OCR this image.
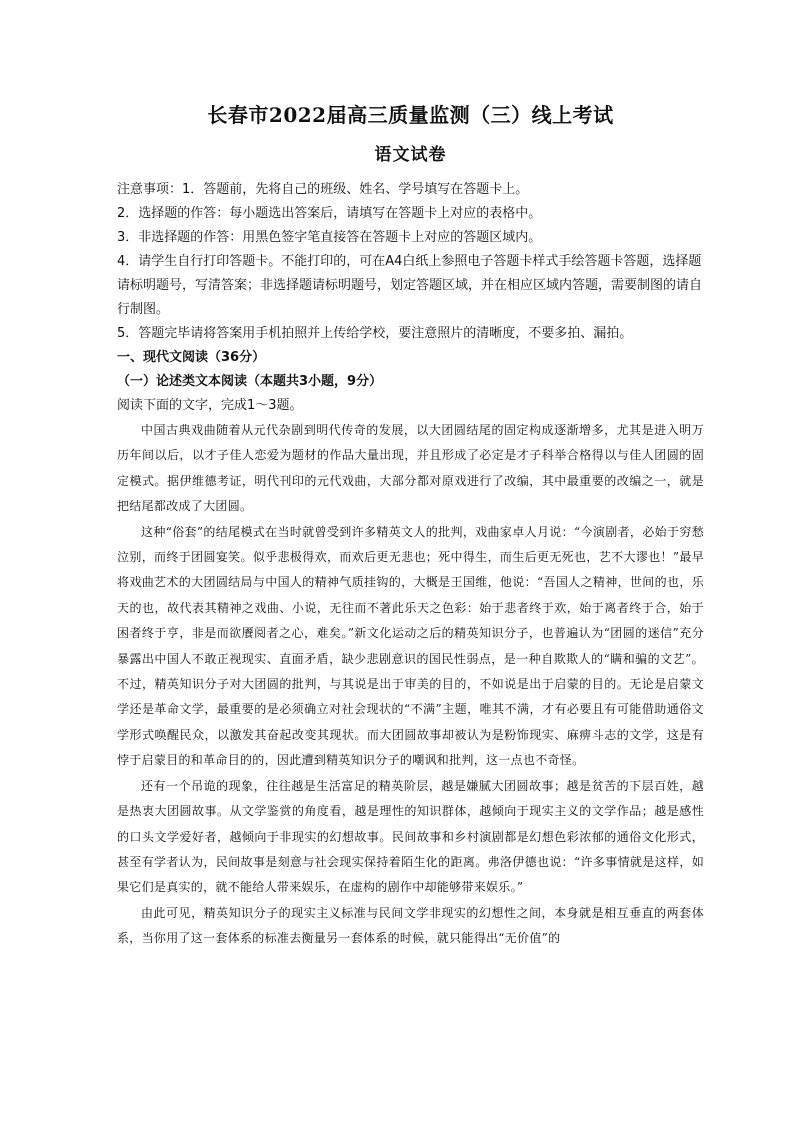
长春市2022届高三质量监测（三）线上考试
语文试卷

注意事项：1．答题前，先将自己的班级、姓名、学号填写在答题卡上。

2．选择题的作答：每小题选出答案后，请填写在答题卡上对应的表格中。

3．非选择题的作答：用黑色签字笔直接答在答题卡上对应的答题区域内。

4．请学生自行打印答题卡。不能打印的，可在A4白纸上参照电子答题卡样式手绘答题卡答题，选择题请标明题号，写清答案；非选择题请标明题号，划定答题区域，并在相应区域内答题，需要制图的请自行制图。

5．答题完毕请将答案用手机拍照并上传给学校，要注意照片的清晰度，不要多拍、漏拍。

一、现代文阅读（36分）

（一）论述类文本阅读（本题共3小题，9分）

阅读下面的文字，完成1～3题。

中国古典戏曲随着从元代杂剧到明代传奇的发展，以大团圆结尾的固定构成逐渐增多，尤其是进入明万历年间以后，以才子佳人恋爱为题材的作品大量出现，并且形成了必定是才子科举合格得以与佳人团圆的固定模式。据伊维德考证，明代刊印的元代戏曲，大部分都对原戏进行了改编，其中最重要的改编之一，就是把结尾都改成了大团圆。

这种“俗套”的结尾模式在当时就曾受到许多精英文人的批判，戏曲家卓人月说：“今演剧者，必始于穷愁泣别，而终于团圆宴笑。似乎悲极得欢，而欢后更无悲也；死中得生，而生后更无死也，艺不大谬也！”最早将戏曲艺术的大团圆结局与中国人的精神气质挂钩的，大概是王国维，他说：“吾国人之精神，世间的也，乐天的也，故代表其精神之戏曲、小说，无往而不著此乐天之色彩：始于悲者终于欢，始于离者终于合，始于困者终于亨，非是而欲餍阅者之心，难矣。”新文化运动之后的精英知识分子，也普遍认为“团圆的迷信”充分暴露出中国人不敢正视现实、直面矛盾，缺少悲剧意识的国民性弱点，是一种自欺欺人的“瞒和骗的文艺”。不过，精英知识分子对大团圆的批判，与其说是出于审美的目的，不如说是出于启蒙的目的。无论是启蒙文学还是革命文学，最重要的是必须确立对社会现状的“不满”主题，唯其不满，才有必要且有可能借助通俗文学形式唤醒民众，以激发其奋起改变其现状。而大团圆故事却被认为是粉饰现实、麻痹斗志的文学，这是有悖于启蒙目的和革命目的的，因此遭到精英知识分子的嘲讽和批判，这一点也不奇怪。

还有一个吊诡的现象，往往越是生活富足的精英阶层，越是嫌腻大团圆故事；越是贫苦的下层百姓，越是热衷大团圆故事。从文学鉴赏的角度看，越是理性的知识群体，越倾向于现实主义的文学作品；越是感性的口头文学爱好者，越倾向于非现实的幻想故事。民间故事和乡村演剧都是幻想色彩浓郁的通俗文化形式，甚至有学者认为，民间故事是刻意与社会现实保持着陌生化的距离。弗洛伊德也说：“许多事情就是这样，如果它们是真实的，就不能给人带来娱乐，在虚构的剧作中却能够带来娱乐。”

由此可见，精英知识分子的现实主义标准与民间文学非现实的幻想性之间，本身就是相互垂直的两套体系，当你用了这一套体系的标准去衡量另一套体系的时候，就只能得出“无价值”的
